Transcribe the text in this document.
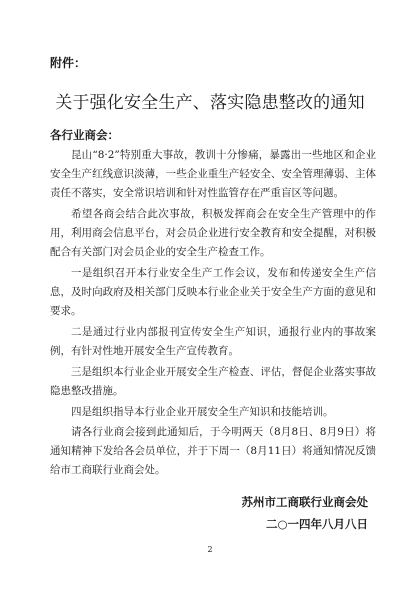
附件：
关于强化安全生产、落实隐患整改的通知
各行业商会：
昆山“8·2”特别重大事故，教训十分惨痛，暴露出一些地区和企业安全生产红线意识淡薄，一些企业重生产轻安全、安全管理薄弱、主体责任不落实，安全常识培训和针对性监管存在严重盲区等问题。
希望各商会结合此次事故，积极发挥商会在安全生产管理中的作用，利用商会信息平台，对会员企业进行安全教育和安全提醒，对积极配合有关部门对会员企业的安全生产检查工作。
一是组织召开本行业安全生产工作会议，发布和传递安全生产信息，及时向政府及相关部门反映本行业企业关于安全生产方面的意见和要求。
二是通过行业内部报刊宣传安全生产知识，通报行业内的事故案例，有针对性地开展安全生产宣传教育。
三是组织本行业企业开展安全生产检查、评估，督促企业落实事故隐患整改措施。
四是组织指导本行业企业开展安全生产知识和技能培训。
请各行业商会接到此通知后，于今明两天（8月8日、8月9日）将通知精神下发给各会员单位，并于下周一（8月11日）将通知情况反馈给市工商联行业商会处。
苏州市工商联行业商会处
二○一四年八月八日
2
